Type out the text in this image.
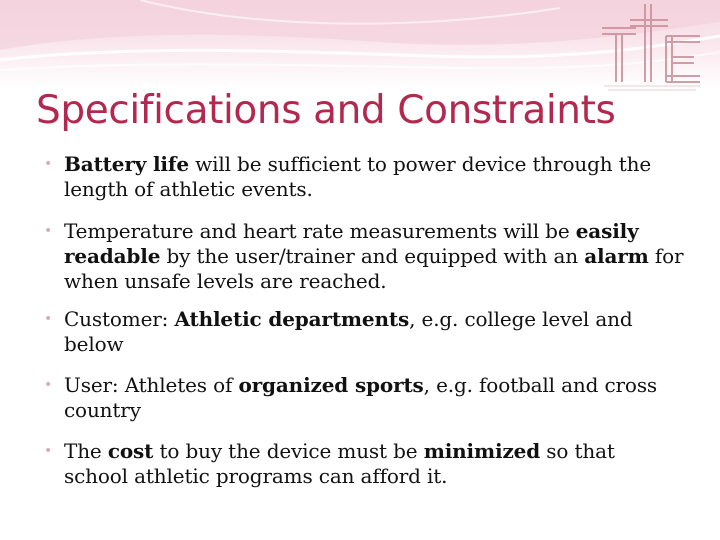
Specifications and Constraints
• Battery life will be sufficient to power device through the length of athletic events.
• Temperature and heart rate measurements will be easily readable by the user/trainer and equipped with an alarm for when unsafe levels are reached.
• Customer: Athletic departments, e.g. college level and below
• User: Athletes of organized sports, e.g. football and cross country
• The cost to buy the device must be minimized so that school athletic programs can afford it.
